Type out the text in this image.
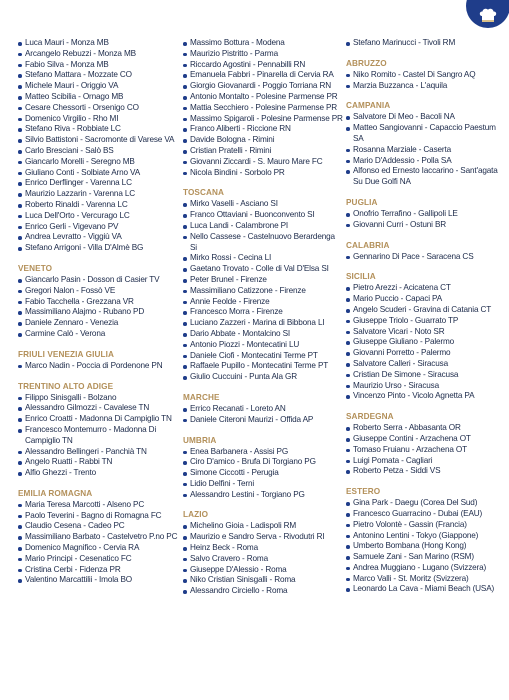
Luca Mauri - Monza MB
Arcangelo Rebuzzi - Monza MB
Fabio Silva - Monza MB
Stefano Mattara - Mozzate CO
Michele Mauri - Origgio VA
Matteo Scibilia - Ornago MB
Cesare Chessorti - Orsenigo CO
Domenico Virgilio - Rho MI
Stefano Riva - Robbiate LC
Silvio Battistoni - Sacromonte di Varese VA
Carlo Bresciani - Salò BS
Giancarlo Morelli - Seregno MB
Giuliano Conti - Solbiate Arno VA
Enrico Derflinger - Varenna LC
Maurizio Lazzarin - Varenna LC
Roberto Rinaldi - Varenna LC
Luca Dell'Orto - Vercurago LC
Enrico Gerli - Vigevano PV
Andrea Levratto - Viggiù VA
Stefano Arrigoni - Villa D'Almè BG
VENETO
Giancarlo Pasin - Dosson di Casier TV
Gregori Nalon - Fossò VE
Fabio Tacchella - Grezzana VR
Massimiliano Alajmo - Rubano PD
Daniele Zennaro - Venezia
Carmine Calò - Verona
FRIULI VENEZIA GIULIA
Marco Nadin - Poccia di Pordenone PN
TRENTINO ALTO ADIGE
Filippo Sinisgalli - Bolzano
Alessandro Gilmozzi - Cavalese TN
Enrico Croatti - Madonna Di Campiglio TN
Francesco Montemurro - Madonna Di Campiglio TN
Alessandro Bellingeri - Panchià TN
Angelo Ruatti - Rabbi TN
Alfio Ghezzi - Trento
EMILIA ROMAGNA
Maria Teresa Marcotti - Alseno PC
Paolo Teverini - Bagno di Romagna FC
Claudio Cesena - Cadeo PC
Massimiliano Barbato - Castelvetro P.no PC
Domenico Magnifico - Cervia RA
Mario Principi - Cesenatico FC
Cristina Cerbi - Fidenza PR
Valentino Marcattilii - Imola BO
Massimo Bottura - Modena
Maurizio Pistritto - Parma
Riccardo Agostini - Pennabilli RN
Emanuela Fabbri - Pinarella di Cervia RA
Giorgio Giovanardi - Poggio Torriana RN
Antonio Montalto - Polesine Parmense PR
Mattia Secchiero - Polesine Parmense PR
Massimo Spigaroli - Polesine Parmense PR
Franco Aliberti - Riccione RN
Davide Bologna - Rimini
Cristian Pratelli - Rimini
Giovanni Ziccardi - S. Mauro Mare FC
Nicola Bindini - Sorbolo PR
TOSCANA
Mirko Vaselli - Asciano SI
Franco Ottaviani - Buonconvento SI
Luca Landi - Calambrone PI
Nello Cassese - Castelnuovo Berardenga Si
Mirko Rossi - Cecina LI
Gaetano Trovato - Colle di Val D'Elsa SI
Peter Brunel - Firenze
Massimiliano Catizzone - Firenze
Annie Feolde - Firenze
Francesco Morra - Firenze
Luciano Zazzeri - Marina di Bibbona LI
Dario Abbate - Montalcino SI
Antonio Piozzi - Montecatini LU
Daniele Ciofi - Montecatini Terme PT
Raffaele Pupillo - Montecatini Terme PT
Giulio Cuccuini - Punta Ala GR
MARCHE
Errico Recanati - Loreto AN
Daniele Citeroni Maurizi - Offida AP
UMBRIA
Enea Barbanera - Assisi PG
Ciro D'amico - Brufa Di Torgiano PG
Simone Ciccotti - Perugia
Lidio Delfini - Terni
Alessandro Lestini - Torgiano PG
LAZIO
Michelino Gioia - Ladispoli RM
Maurizio e Sandro Serva - Rivodutri RI
Heinz Beck - Roma
Salvo Cravero - Roma
Giuseppe D'Alessio - Roma
Niko Cristian Sinisgalli - Roma
Alessandro Circiello - Roma
Stefano Marinucci - Tivoli RM
ABRUZZO
Niko Romito - Castel Di Sangro AQ
Marzia Buzzanca - L'aquila
CAMPANIA
Salvatore Di Meo - Bacoli NA
Matteo Sangiovanni - Capaccio Paestum SA
Rosanna Marziale - Caserta
Mario D'Addessio - Polla SA
Alfonso ed Ernesto Iaccarino - Sant'agata Su Due Golfi NA
PUGLIA
Onofrio Terrafino - Gallipoli LE
Giovanni Curri - Ostuni BR
CALABRIA
Gennarino Di Pace - Saracena CS
SICILIA
Pietro Arezzi - Acicatena CT
Mario Puccio - Capaci PA
Angelo Scuderi - Gravina di Catania CT
Giuseppe Triolo - Guarrato TP
Salvatore Vicari - Noto SR
Giuseppe Giuliano - Palermo
Giovanni Porretto - Palermo
Salvatore Calleri - Siracusa
Cristian De Simone - Siracusa
Maurizio Urso - Siracusa
Vincenzo Pinto - Vicolo Agnetta PA
SARDEGNA
Roberto Serra - Abbasanta OR
Giuseppe Contini - Arzachena OT
Tomaso Fruianu - Arzachena OT
Luigi Pomata - Cagliari
Roberto Petza - Siddi VS
ESTERO
Gina Park - Daegu (Corea Del Sud)
Francesco Guarracino - Dubai (EAU)
Pietro Volontè - Gassin (Francia)
Antonino Lentini - Tokyo (Giappone)
Umberto Bombana (Hong Kong)
Samuele Zani - San Marino (RSM)
Andrea Muggiano - Lugano (Svizzera)
Marco Valli - St. Moritz (Svizzera)
Leonardo La Cava - Miami Beach (USA)
